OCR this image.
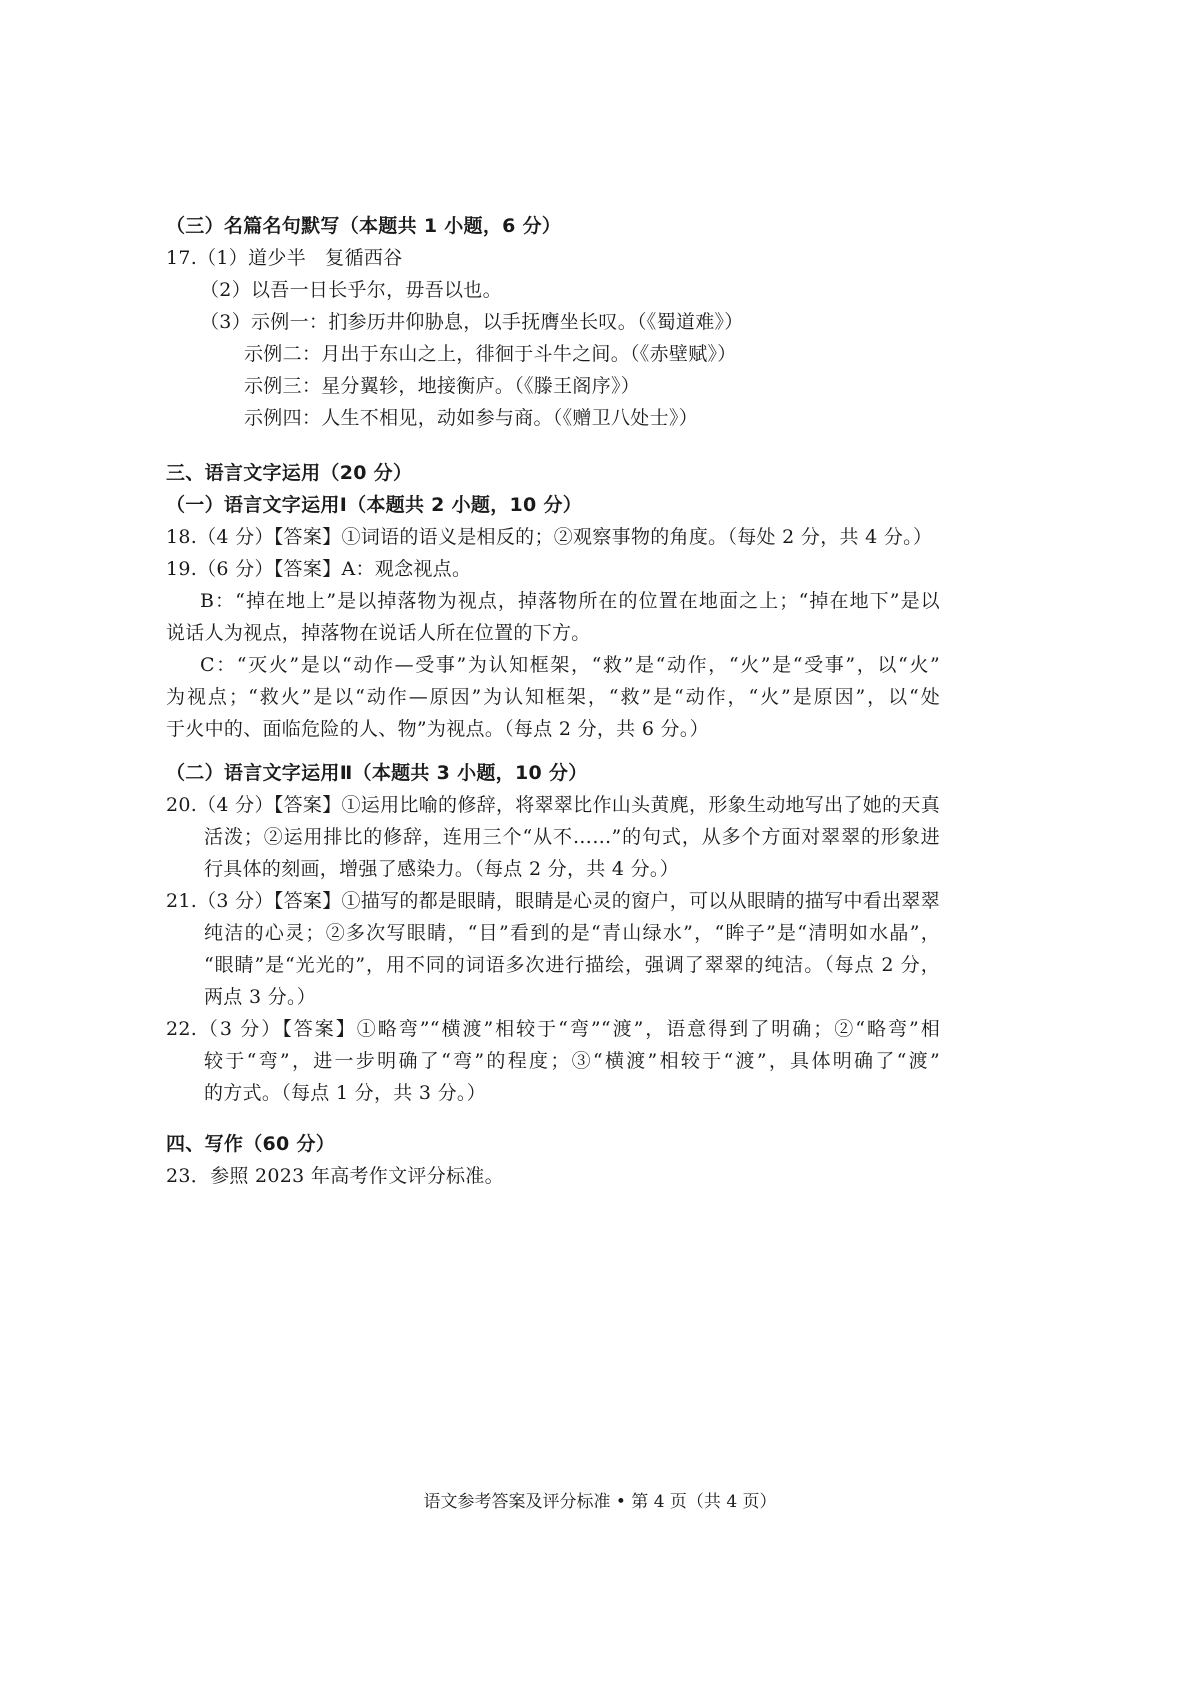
（三）名篇名句默写（本题共 1 小题，6 分）
17.（1）道少半　复循西谷
（2）以吾一日长乎尔，毋吾以也。
（3）示例一：扪参历井仰胁息，以手抚膺坐长叹。（《蜀道难》）
示例二：月出于东山之上，徘徊于斗牛之间。（《赤壁赋》）
示例三：星分翼轸，地接衡庐。（《滕王阁序》）
示例四：人生不相见，动如参与商。（《赠卫八处士》）
三、语言文字运用（20 分）
（一）语言文字运用Ⅰ（本题共 2 小题，10 分）
18.（4 分）【答案】①词语的语义是相反的；②观察事物的角度。（每处 2 分，共 4 分。）
19.（6 分）【答案】A：观念视点。
B：“掉在地上”是以掉落物为视点，掉落物所在的位置在地面之上；“掉在地下”是以
说话人为视点，掉落物在说话人所在位置的下方。
C：“灭火”是以“动作—受事”为认知框架，“救”是“动作，“火”是“受事”，以“火”
为视点；“救火”是以“动作—原因”为认知框架，“救”是“动作，“火”是原因”，以“处
于火中的、面临危险的人、物”为视点。（每点 2 分，共 6 分。）
（二）语言文字运用Ⅱ（本题共 3 小题，10 分）
20.（4 分）【答案】①运用比喻的修辞，将翠翠比作山头黄麂，形象生动地写出了她的天真
活泼；②运用排比的修辞，连用三个“从不……”的句式，从多个方面对翠翠的形象进
行具体的刻画，增强了感染力。（每点 2 分，共 4 分。）
21.（3 分）【答案】①描写的都是眼睛，眼睛是心灵的窗户，可以从眼睛的描写中看出翠翠
纯洁的心灵；②多次写眼睛，“目”看到的是“青山绿水”，“眸子”是“清明如水晶”，
“眼睛”是“光光的”，用不同的词语多次进行描绘，强调了翠翠的纯洁。（每点 2 分，
两点 3 分。）
22.（3 分）【答案】①略弯”“横渡”相较于“弯”“渡”，语意得到了明确；②“略弯”相
较于“弯”，进一步明确了“弯”的程度；③“横渡”相较于“渡”，具体明确了“渡”
的方式。（每点 1 分，共 3 分。）
四、写作（60 分）
23．参照 2023 年高考作文评分标准。
语文参考答案及评分标准 • 第 4 页（共 4 页）
